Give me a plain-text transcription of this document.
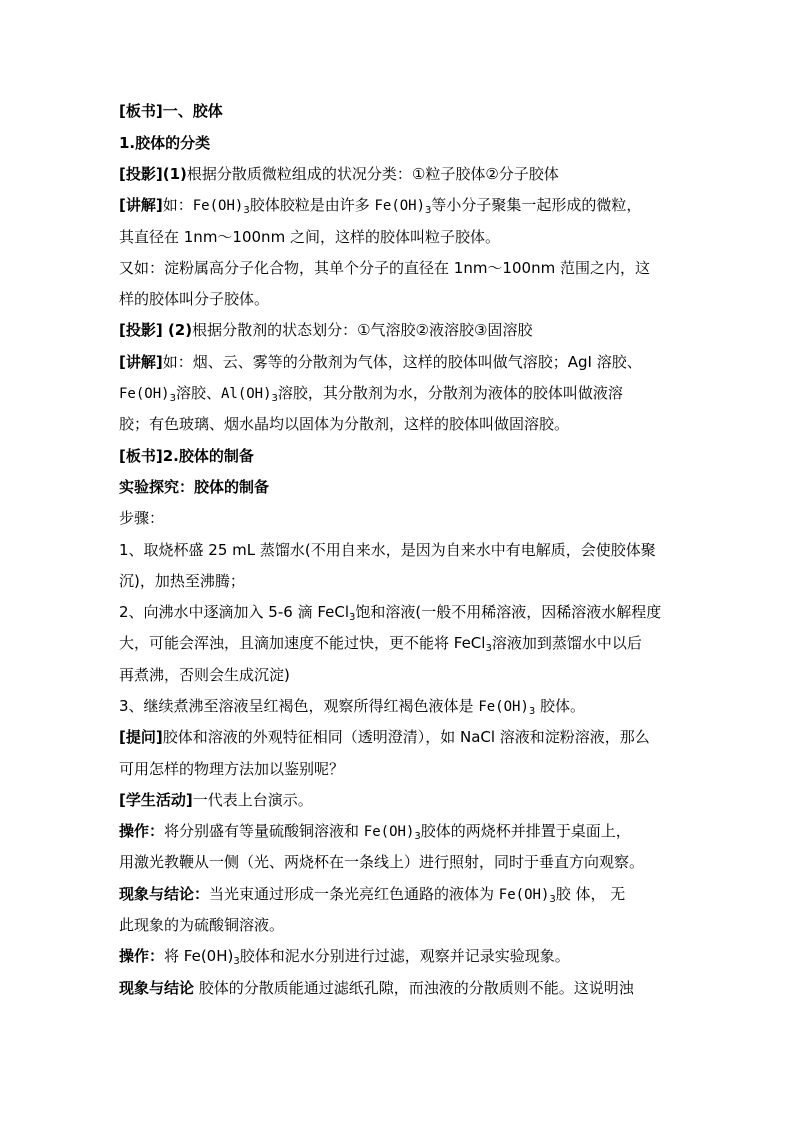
[板书]一、胶体
1.胶体的分类
[投影](1)根据分散质微粒组成的状况分类：①粒子胶体②分子胶体
[讲解]如：$Fe(OH)_3$胶体胶粒是由许多 $Fe(OH)_3$等小分子聚集一起形成的微粒，
其直径在 1nm～100nm 之间，这样的胶体叫粒子胶体。
又如：淀粉属高分子化合物，其单个分子的直径在 1nm～100nm 范围之内，这
样的胶体叫分子胶体。
[投影] (2)根据分散剂的状态划分：①气溶胶②液溶胶③固溶胶
[讲解]如：烟、云、雾等的分散剂为气体，这样的胶体叫做气溶胶；AgI 溶胶、
$Fe(OH)_3$溶胶、$Al(OH)_3$溶胶，其分散剂为水，分散剂为液体的胶体叫做液溶
胶；有色玻璃、烟水晶均以固体为分散剂，这样的胶体叫做固溶胶。
[板书]2.胶体的制备
实验探究：胶体的制备
步骤：
1、取烧杯盛 25 mL 蒸馏水(不用自来水，是因为自来水中有电解质，会使胶体聚
沉)，加热至沸腾；
2、向沸水中逐滴加入 5-6 滴 FeCl$_3$饱和溶液(一般不用稀溶液，因稀溶液水解程度
大，可能会浑浊，且滴加速度不能过快，更不能将 FeCl$_3$溶液加到蒸馏水中以后
再煮沸，否则会生成沉淀)
3、继续煮沸至溶液呈红褐色，观察所得红褐色液体是 $Fe(OH)_3$ 胶体。
[提问]胶体和溶液的外观特征相同（透明澄清），如 NaCl 溶液和淀粉溶液，那么
可用怎样的物理方法加以鉴别呢？
[学生活动]一代表上台演示。
操作：将分别盛有等量硫酸铜溶液和 $Fe(OH)_3$胶体的两烧杯并排置于桌面上，
用激光教鞭从一侧（光、两烧杯在一条线上）进行照射，同时于垂直方向观察。
现象与结论：当光束通过形成一条光亮红色通路的液体为 $Fe(OH)_3$胶 体， 无
此现象的为硫酸铜溶液。
操作：将 $Fe(0H)_3$胶体和泥水分别进行过滤，观察并记录实验现象。
现象与结论 胶体的分散质能通过滤纸孔隙，而浊液的分散质则不能。这说明浊
